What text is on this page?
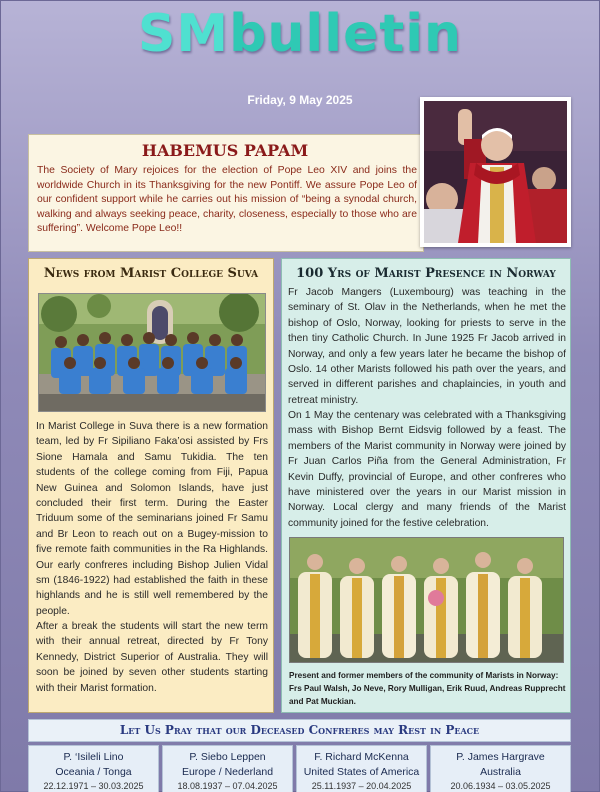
SMbulletin
Friday, 9 May 2025
HABEMUS PAPAM

The Society of Mary rejoices for the election of Pope Leo XIV and joins the worldwide Church in its Thanksgiving for the new Pontiff. We assure Pope Leo of our confident support while he carries out his mission of “being a synodal church, walking and always seeking peace, charity, closeness, especially to those who are suffering”. Welcome Pope Leo!!

News from Marist College Suva

In Marist College in Suva there is a new formation team, led by Fr Sipiliano Faka’osi assisted by Frs Sione Hamala and Samu Tukidia. The ten students of the college coming from Fiji, Papua New Guinea and Solomon Islands, have just concluded their first term. During the Easter Triduum some of the seminarians joined Fr Samu and Br Leon to reach out on a Bugey-mission to five remote faith communities in the Ra Highlands. Our early confreres including Bishop Julien Vidal sm (1846-1922) had established the faith in these highlands and he is still well remembered by the people.

After a break the students will start the new term with their annual retreat, directed by Fr Tony Kennedy, District Superior of Australia. They will soon be joined by seven other students starting with their Marist formation.

100 Yrs of Marist Presence in Norway

Fr Jacob Mangers (Luxembourg) was teaching in the seminary of St. Olav in the Netherlands, when he met the bishop of Oslo, Norway, looking for priests to serve in the then tiny Catholic Church. In June 1925 Fr Jacob arrived in Norway, and only a few years later he became the bishop of Oslo. 14 other Marists followed his path over the years, and served in different parishes and chaplaincies, in youth and retreat ministry.

On 1 May the centenary was celebrated with a Thanksgiving mass with Bishop Bernt Eidsvig followed by a feast. The members of the Marist community in Norway were joined by Fr Juan Carlos Piña from the General Administration, Fr Kevin Duffy, provincial of Europe, and other confreres who have ministered over the years in our Marist mission in Norway. Local clergy and many friends of the Marist community joined for the festive celebration.

Present and former members of the community of Marists in Norway: Frs Paul Walsh, Jo Neve, Rory Mulligan, Erik Ruud, Andreas Rupprecht and Pat Muckian.
Let Us Pray that our Deceased Confreres may Rest in Peace
P. ‘Isileli Lino
Oceania / Tonga
22.12.1971 – 30.03.2025
P. Siebo Leppen
Europe / Nederland
18.08.1937 – 07.04.2025
F. Richard McKenna
United States of America
25.11.1937 – 20.04.2025
P. James Hargrave
Australia
20.06.1934 – 03.05.2025
